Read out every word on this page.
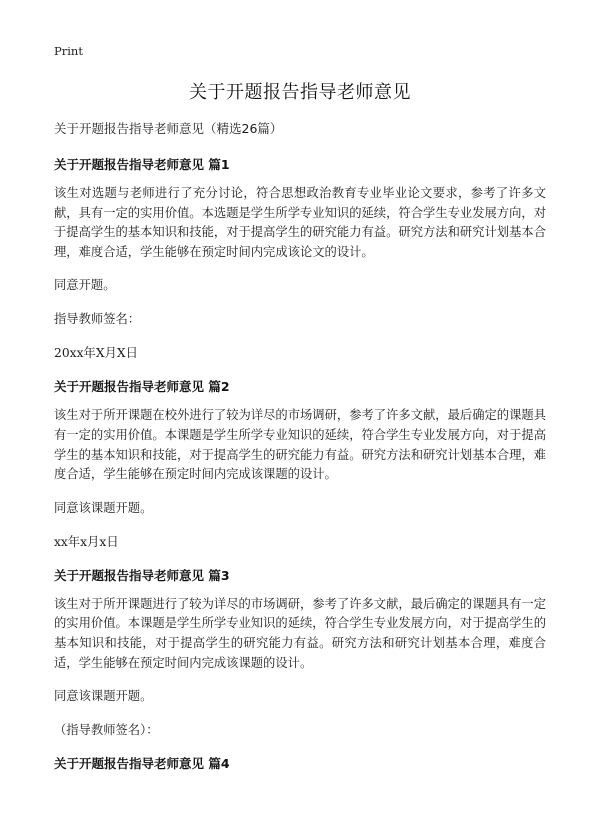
Print
关于开题报告指导老师意见

关于开题报告指导老师意见（精选26篇）

关于开题报告指导老师意见 篇1

该生对选题与老师进行了充分讨论，符合思想政治教育专业毕业论文要求，参考了许多文献，具有一定的实用价值。本选题是学生所学专业知识的延续，符合学生专业发展方向，对于提高学生的基本知识和技能，对于提高学生的研究能力有益。研究方法和研究计划基本合理，难度合适，学生能够在预定时间内完成该论文的设计。

同意开题。

指导教师签名：

20xx年X月X日

关于开题报告指导老师意见 篇2

该生对于所开课题在校外进行了较为详尽的市场调研，参考了许多文献，最后确定的课题具有一定的实用价值。本课题是学生所学专业知识的延续，符合学生专业发展方向，对于提高学生的基本知识和技能，对于提高学生的研究能力有益。研究方法和研究计划基本合理，难度合适，学生能够在预定时间内完成该课题的设计。

同意该课题开题。

xx年x月x日

关于开题报告指导老师意见 篇3

该生对于所开课题进行了较为详尽的市场调研，参考了许多文献，最后确定的课题具有一定的实用价值。本课题是学生所学专业知识的延续，符合学生专业发展方向，对于提高学生的基本知识和技能，对于提高学生的研究能力有益。研究方法和研究计划基本合理，难度合适，学生能够在预定时间内完成该课题的设计。

同意该课题开题。

（指导教师签名）：

关于开题报告指导老师意见 篇4
